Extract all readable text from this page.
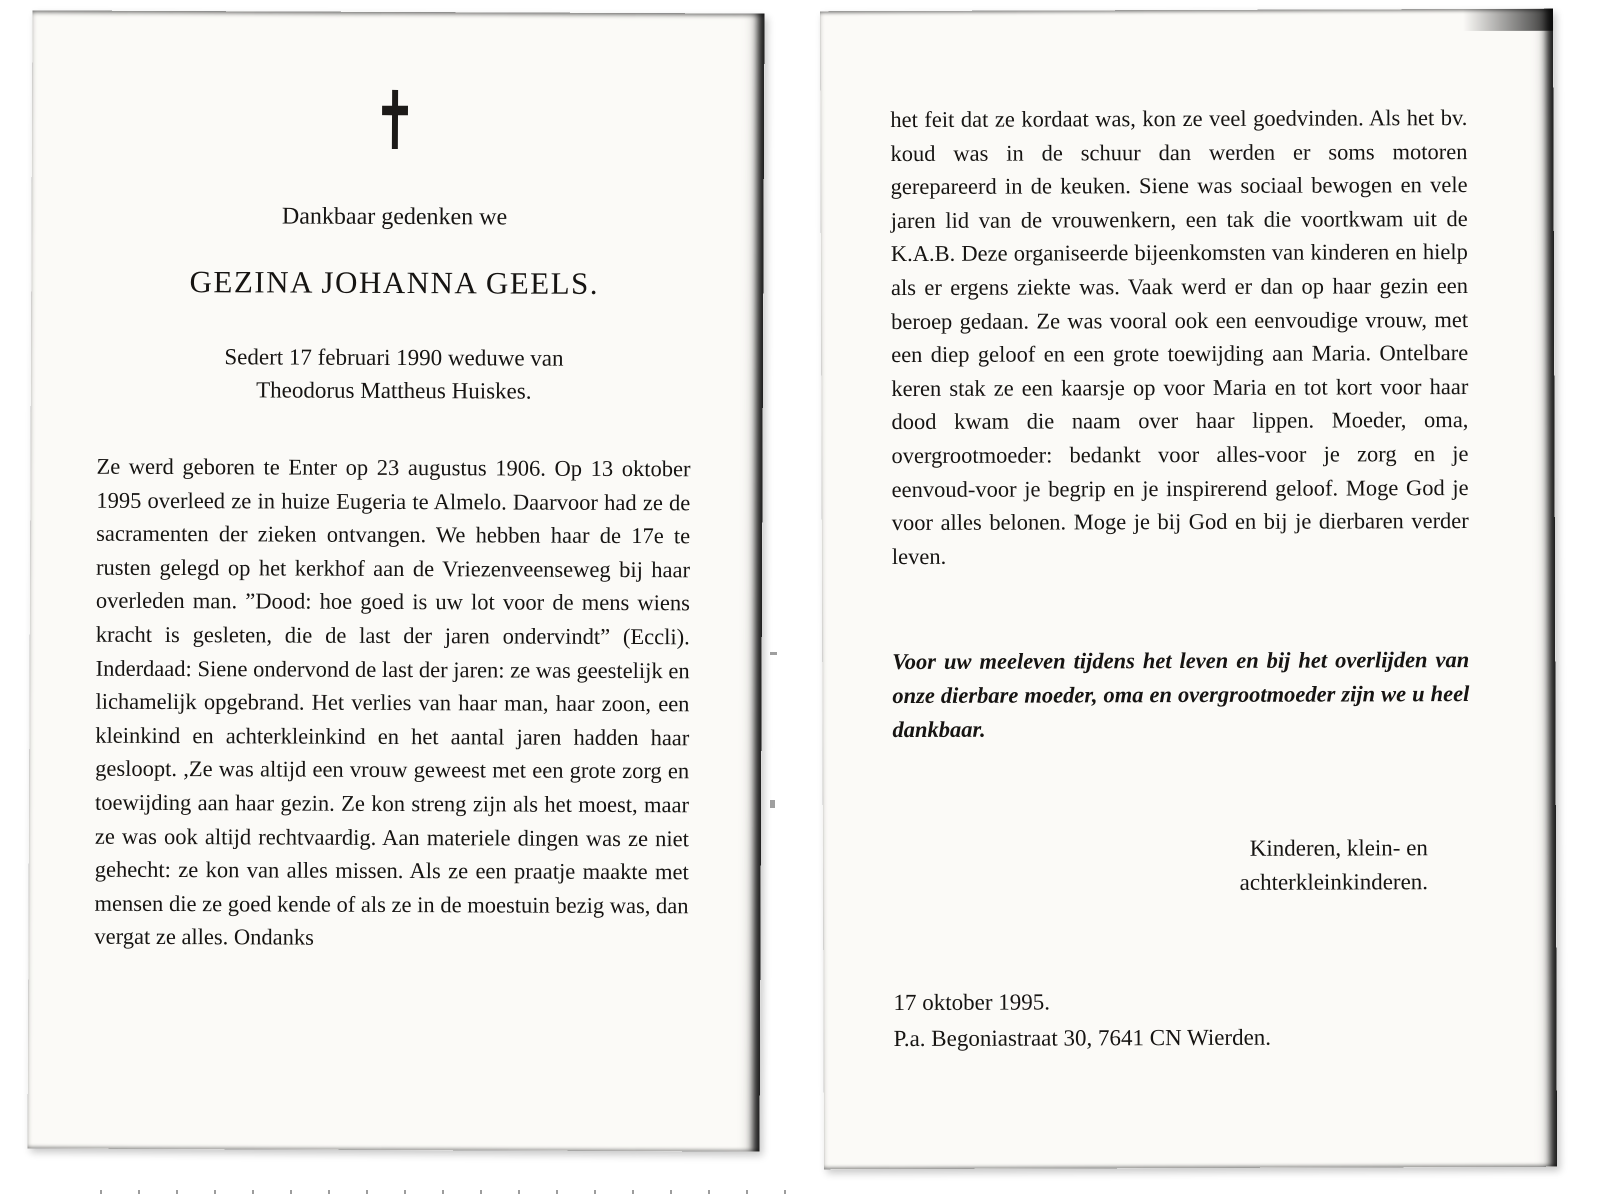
✝
Dankbaar gedenken we
GEZINA JOHANNA GEELS.
Sedert 17 februari 1990 weduwe van
Theodorus Mattheus Huiskes.

Ze werd geboren te Enter op 23 augustus 1906. Op 13 oktober 1995 overleed ze in huize Eugeria te Almelo. Daarvoor had ze de sacramenten der zieken ontvangen. We hebben haar de 17e te rusten gelegd op het kerkhof aan de Vriezenveenseweg bij haar overleden man. ”Dood: hoe goed is uw lot voor de mens wiens kracht is gesleten, die de last der jaren ondervindt” (Eccli). Inderdaad: Siene ondervond de last der jaren: ze was geestelijk en lichamelijk opgebrand. Het verlies van haar man, haar zoon, een kleinkind en achterkleinkind en het aantal jaren hadden haar gesloopt. ,Ze was altijd een vrouw geweest met een grote zorg en toewijding aan haar gezin. Ze kon streng zijn als het moest, maar ze was ook altijd rechtvaardig. Aan materiele dingen was ze niet gehecht: ze kon van alles missen. Als ze een praatje maakte met mensen die ze goed kende of als ze in de moestuin bezig was, dan vergat ze alles. Ondanks

het feit dat ze kordaat was, kon ze veel goedvinden. Als het bv. koud was in de schuur dan werden er soms motoren gerepareerd in de keuken. Siene was sociaal bewogen en vele jaren lid van de vrouwenkern, een tak die voortkwam uit de K.A.B. Deze organiseerde bijeenkomsten van kinderen en hielp als er ergens ziekte was. Vaak werd er dan op haar gezin een beroep gedaan. Ze was vooral ook een eenvoudige vrouw, met een diep geloof en een grote toewijding aan Maria. Ontelbare keren stak ze een kaarsje op voor Maria en tot kort voor haar dood kwam die naam over haar lippen. Moeder, oma, overgrootmoeder: bedankt voor alles-voor je zorg en je eenvoud-voor je begrip en je inspirerend geloof. Moge God je voor alles belonen. Moge je bij God en bij je dierbaren verder leven.

Voor uw meeleven tijdens het leven en bij het overlijden van onze dierbare moeder, oma en overgrootmoeder zijn we u heel dankbaar.

Kinderen, klein- en
achterkleinkinderen.
17 oktober 1995.
P.a. Begoniastraat 30, 7641 CN Wierden.
